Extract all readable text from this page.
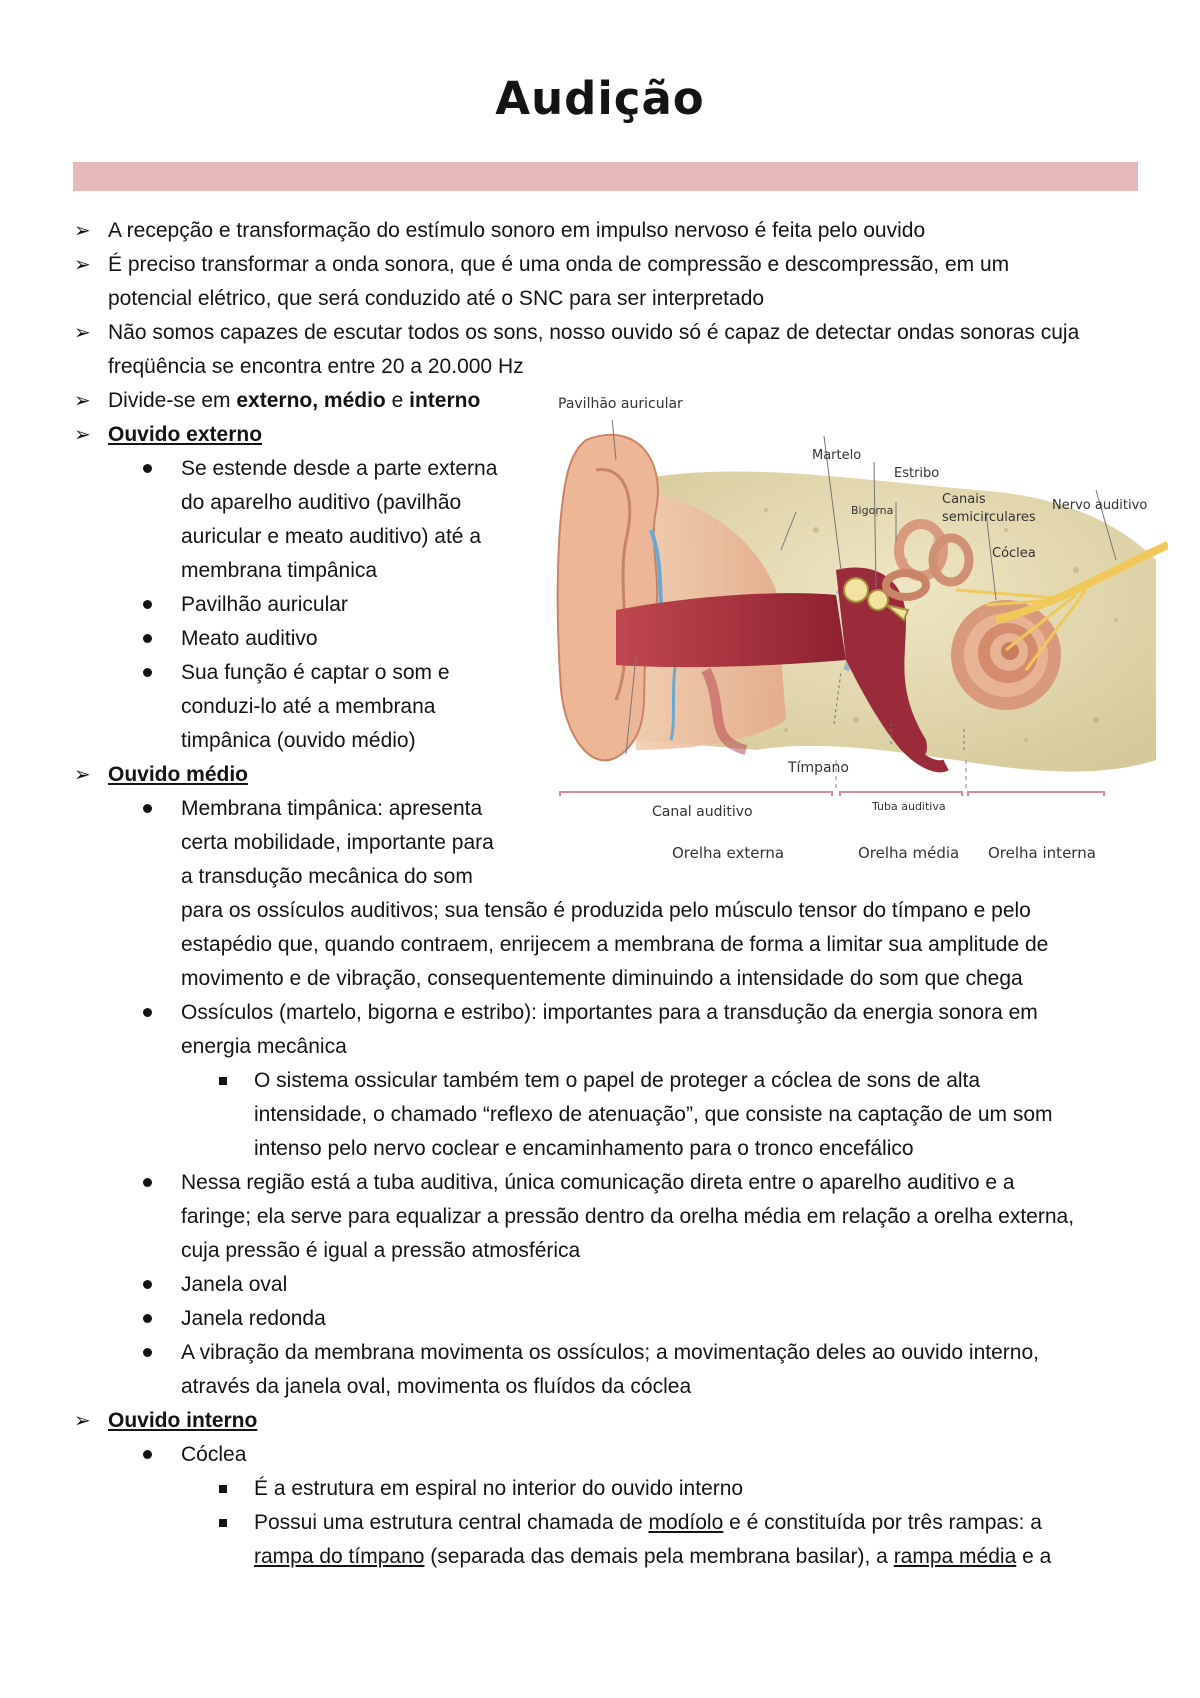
Audição
➢ A recepção e transformação do estímulo sonoro em impulso nervoso é feita pelo ouvido
➢ É preciso transformar a onda sonora, que é uma onda de compressão e descompressão, em um
potencial elétrico, que será conduzido até o SNC para ser interpretado
➢ Não somos capazes de escutar todos os sons, nosso ouvido só é capaz de detectar ondas sonoras cuja
freqüência se encontra entre 20 a 20.000 Hz
➢ Divide-se em externo, médio e interno
➢ Ouvido externo
Se estende desde a parte externa
do aparelho auditivo (pavilhão
auricular e meato auditivo) até a
membrana timpânica
Pavilhão auricular
Meato auditivo
Sua função é captar o som e
conduzi-lo até a membrana
timpânica (ouvido médio)
➢ Ouvido médio
Membrana timpânica: apresenta
certa mobilidade, importante para
a transdução mecânica do som
para os ossículos auditivos; sua tensão é produzida pelo músculo tensor do tímpano e pelo
estapédio que, quando contraem, enrijecem a membrana de forma a limitar sua amplitude de
movimento e de vibração, consequentemente diminuindo a intensidade do som que chega
Ossículos (martelo, bigorna e estribo): importantes para a transdução da energia sonora em
energia mecânica
O sistema ossicular também tem o papel de proteger a cóclea de sons de alta
intensidade, o chamado “reflexo de atenuação”, que consiste na captação de um som
intenso pelo nervo coclear e encaminhamento para o tronco encefálico
Nessa região está a tuba auditiva, única comunicação direta entre o aparelho auditivo e a
faringe; ela serve para equalizar a pressão dentro da orelha média em relação a orelha externa,
cuja pressão é igual a pressão atmosférica
Janela oval
Janela redonda
A vibração da membrana movimenta os ossículos; a movimentação deles ao ouvido interno,
através da janela oval, movimenta os fluídos da cóclea
➢ Ouvido interno
Cóclea
É a estrutura em espiral no interior do ouvido interno
Possui uma estrutura central chamada de modíolo e é constituída por três rampas: a
rampa do tímpano (separada das demais pela membrana basilar), a rampa média e a
Pavilhão auricular
Martelo
Estribo
Bigorna
Canais
semicirculares
Nervo auditivo
Cóclea
Tímpano
Canal auditivo	Tuba auditiva
Orelha externa	Orelha média Orelha interna
